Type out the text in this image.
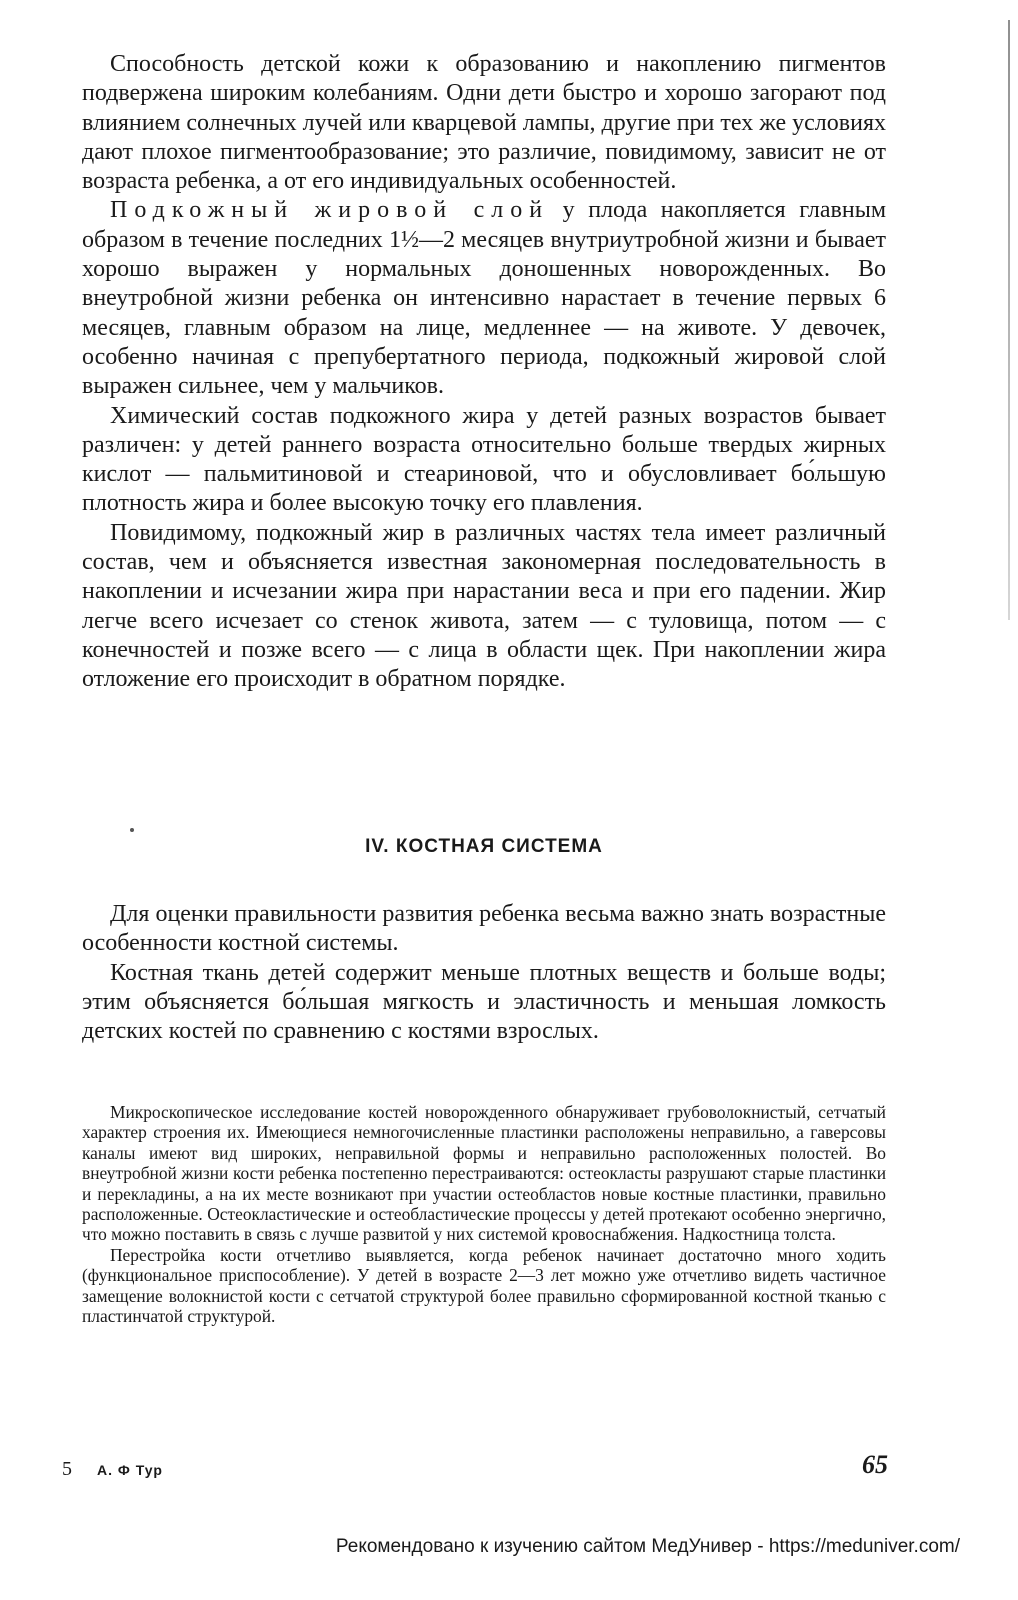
Способность детской кожи к образованию и накоплению пигментов подвержена широким колебаниям. Одни дети быстро и хорошо загорают под влиянием солнечных лучей или кварцевой лампы, другие при тех же условиях дают плохое пигментообразование; это различие, повидимому, зависит не от возраста ребенка, а от его индивидуальных особенностей.

Подкожный жировой слой у плода накопляется главным образом в течение последних 1½—2 месяцев внутриутробной жизни и бывает хорошо выражен у нормальных доношенных новорожденных. Во внеутробной жизни ребенка он интенсивно нарастает в течение первых 6 месяцев, главным образом на лице, медленнее — на животе. У девочек, особенно начиная с препубертатного периода, подкожный жировой слой выражен сильнее, чем у мальчиков.

Химический состав подкожного жира у детей разных возрастов бывает различен: у детей раннего возраста относительно больше твердых жирных кислот — пальмитиновой и стеариновой, что и обусловливает бо́льшую плотность жира и более высокую точку его плавления.

Повидимому, подкожный жир в различных частях тела имеет различный состав, чем и объясняется известная закономерная последовательность в накоплении и исчезании жира при нарастании веса и при его падении. Жир легче всего исчезает со стенок живота, затем — с туловища, потом — с конечностей и позже всего — с лица в области щек. При накоплении жира отложение его происходит в обратном порядке.

IV. КОСТНАЯ СИСТЕМА

Для оценки правильности развития ребенка весьма важно знать возрастные особенности костной системы.

Костная ткань детей содержит меньше плотных веществ и больше воды; этим объясняется бо́льшая мягкость и эластичность и меньшая ломкость детских костей по сравнению с костями взрослых.

Микроскопическое исследование костей новорожденного обнаруживает грубоволокнистый, сетчатый характер строения их. Имеющиеся немногочисленные пластинки расположены неправильно, а гаверсовы каналы имеют вид широких, неправильной формы и неправильно расположенных полостей. Во внеутробной жизни кости ребенка постепенно перестраиваются: остеокласты разрушают старые пластинки и перекладины, а на их месте возникают при участии остеобластов новые костные пластинки, правильно расположенные. Остеокластические и остеобластические процессы у детей протекают особенно энергично, что можно поставить в связь с лучше развитой у них системой кровоснабжения. Надкостница толста.

Перестройка кости отчетливо выявляется, когда ребенок начинает достаточно много ходить (функциональное приспособление). У детей в возрасте 2—3 лет можно уже отчетливо видеть частичное замещение волокнистой кости с сетчатой структурой более правильно сформированной костной тканью с пластинчатой структурой.

5 А. Ф Тур	65
Рекомендовано к изучению сайтом МедУнивер - https://meduniver.com/
